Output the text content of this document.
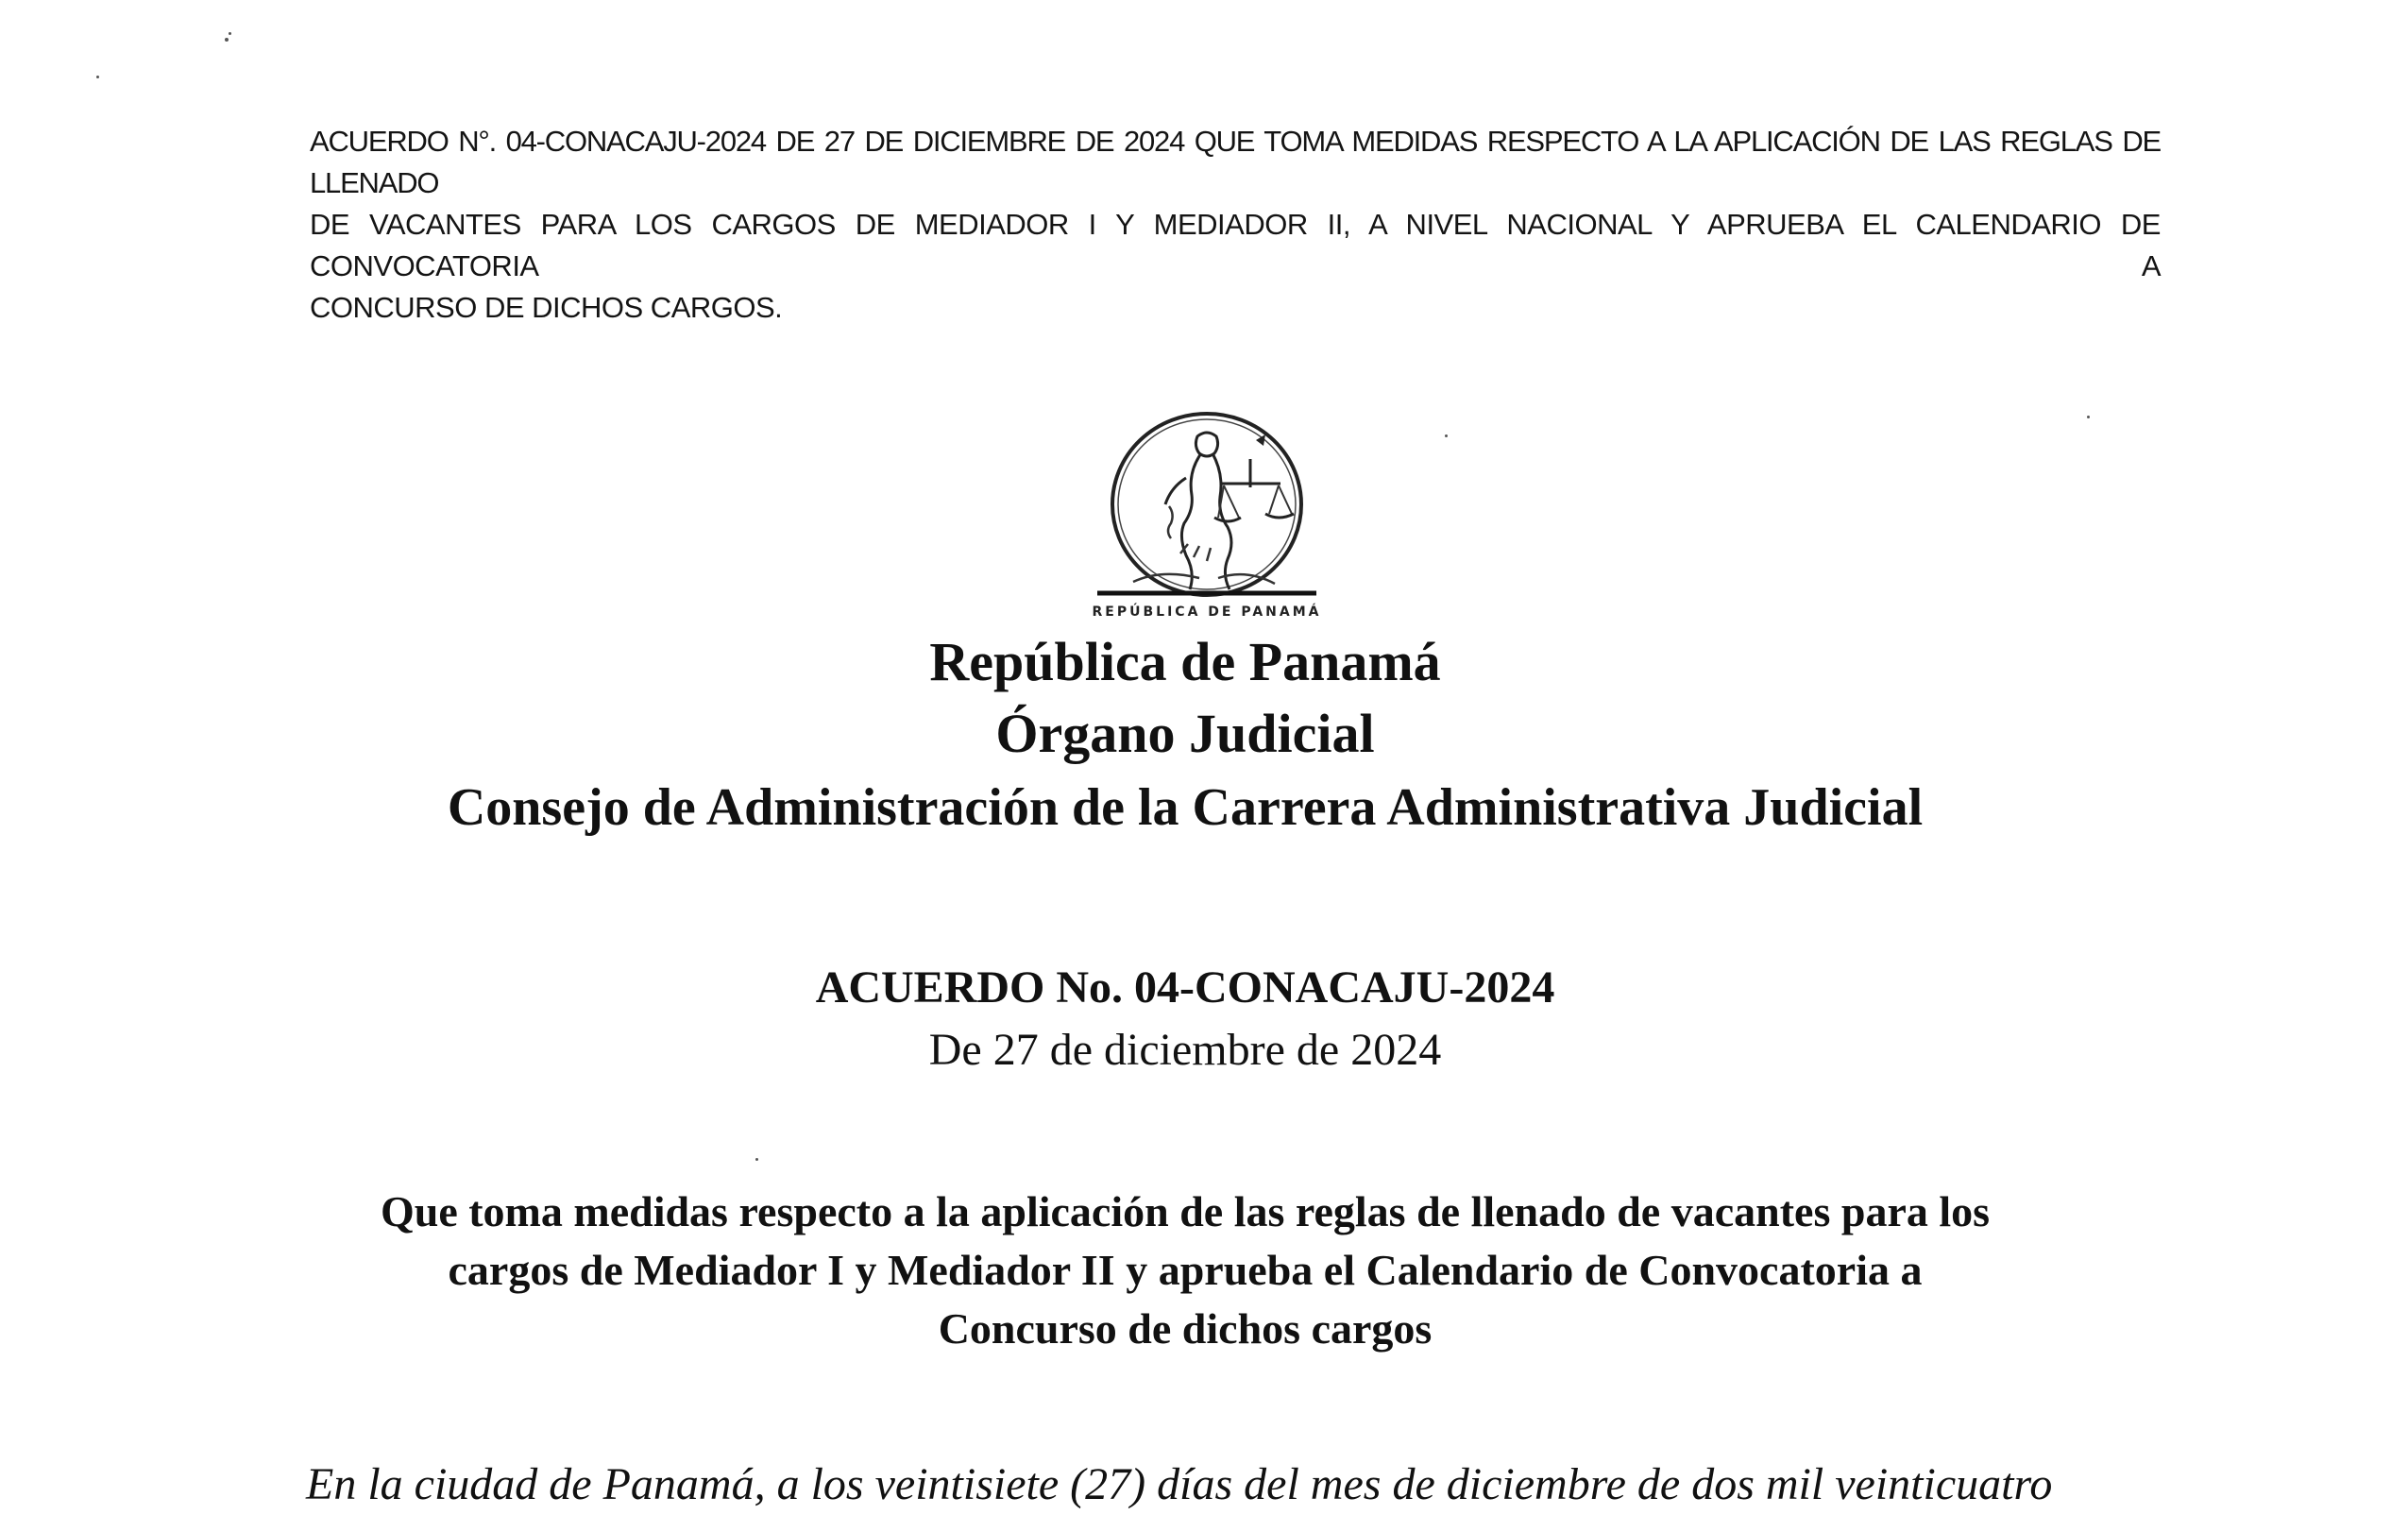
ACUERDO N°. 04-CONACAJU-2024 DE 27 DE DICIEMBRE DE 2024 QUE TOMA MEDIDAS RESPECTO A LA APLICACIÓN DE LAS REGLAS DE LLENADO
DE VACANTES PARA LOS CARGOS DE MEDIADOR I Y MEDIADOR II, A NIVEL NACIONAL Y APRUEBA EL CALENDARIO DE CONVOCATORIA A
CONCURSO DE DICHOS CARGOS.
REPÚBLICA DE PANAMÁ
República de Panamá
Órgano Judicial
Consejo de Administración de la Carrera Administrativa Judicial
ACUERDO No. 04-CONACAJU-2024
De 27 de diciembre de 2024
Que toma medidas respecto a la aplicación de las reglas de llenado de vacantes para los
cargos de Mediador I y Mediador II y aprueba el Calendario de Convocatoria a
Concurso de dichos cargos
En la ciudad de Panamá, a los veintisiete (27) días del mes de diciembre de dos mil veinticuatro
